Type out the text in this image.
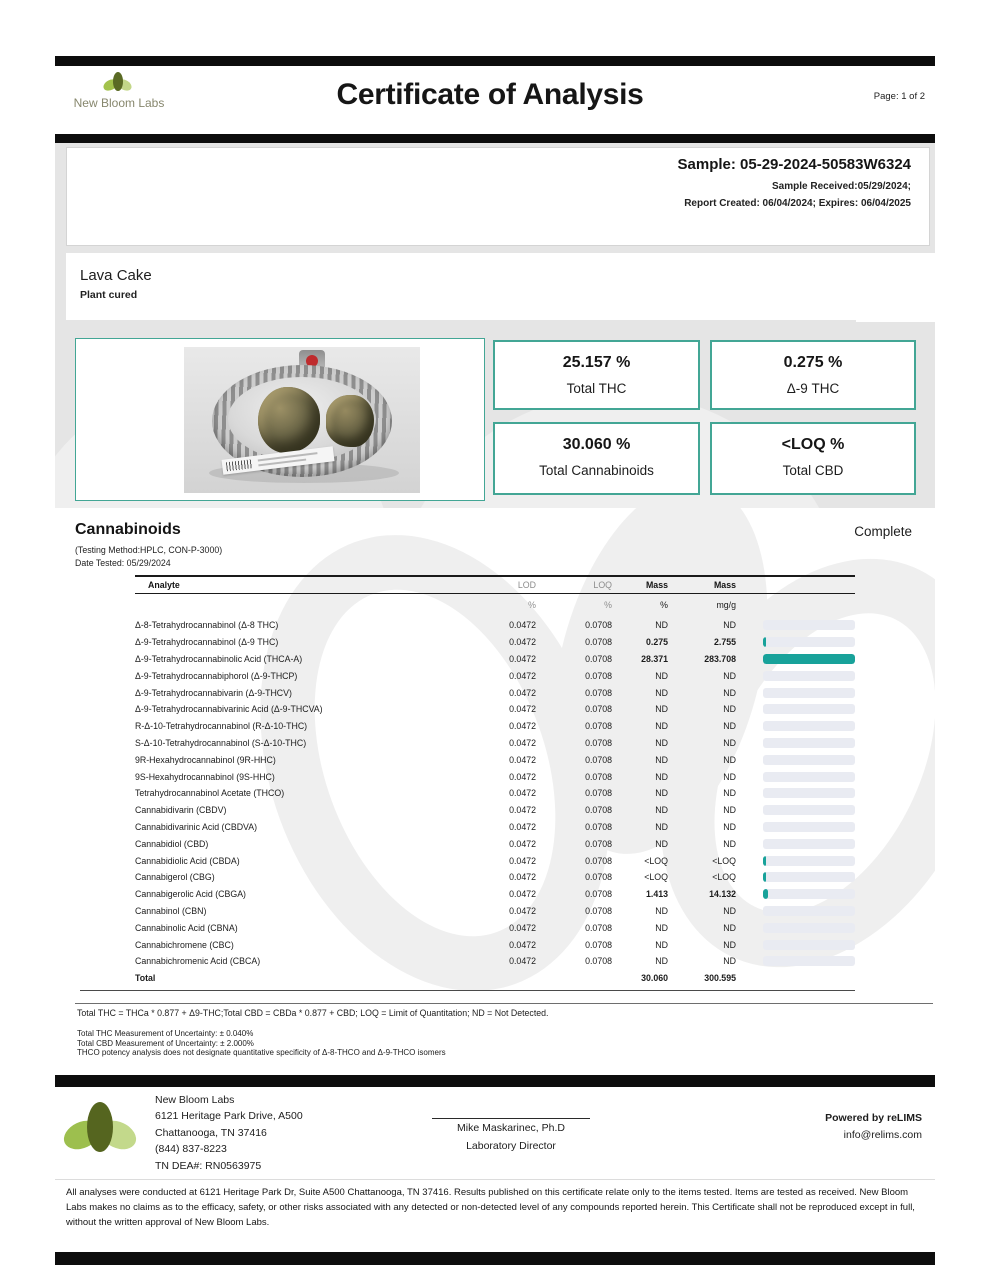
New Bloom Labs	Certificate of Analysis	Page: 1 of 2
Sample: 05-29-2024-50583W6324
Sample Received:05/29/2024;
Report Created: 06/04/2024; Expires: 06/04/2025
Lava Cake
Plant cured
25.157 %
Total THC
0.275 %
Δ-9 THC
30.060 %
Total Cannabinoids
<LOQ %
Total CBD
Cannabinoids	Complete
(Testing Method:HPLC, CON-P-3000)
Date Tested: 05/29/2024
Analyte	LOD	LOQ	Mass	Mass	
	%	%	%	mg/g	
Δ-8-Tetrahydrocannabinol (Δ-8 THC)	0.0472	0.0708	ND	ND	

Δ-9-Tetrahydrocannabinol (Δ-9 THC)	0.0472	0.0708	0.275	2.755	

Δ-9-Tetrahydrocannabinolic Acid (THCA-A)	0.0472	0.0708	28.371	283.708	

Δ-9-Tetrahydrocannabiphorol (Δ-9-THCP)	0.0472	0.0708	ND	ND	

Δ-9-Tetrahydrocannabivarin (Δ-9-THCV)	0.0472	0.0708	ND	ND	

Δ-9-Tetrahydrocannabivarinic Acid (Δ-9-THCVA)	0.0472	0.0708	ND	ND	

R-Δ-10-Tetrahydrocannabinol (R-Δ-10-THC)	0.0472	0.0708	ND	ND	

S-Δ-10-Tetrahydrocannabinol (S-Δ-10-THC)	0.0472	0.0708	ND	ND	

9R-Hexahydrocannabinol (9R-HHC)	0.0472	0.0708	ND	ND	

9S-Hexahydrocannabinol (9S-HHC)	0.0472	0.0708	ND	ND	

Tetrahydrocannabinol Acetate (THCO)	0.0472	0.0708	ND	ND	

Cannabidivarin (CBDV)	0.0472	0.0708	ND	ND	

Cannabidivarinic Acid (CBDVA)	0.0472	0.0708	ND	ND	

Cannabidiol (CBD)	0.0472	0.0708	ND	ND	

Cannabidiolic Acid (CBDA)	0.0472	0.0708	<LOQ	<LOQ	

Cannabigerol (CBG)	0.0472	0.0708	<LOQ	<LOQ	

Cannabigerolic Acid (CBGA)	0.0472	0.0708	1.413	14.132	

Cannabinol (CBN)	0.0472	0.0708	ND	ND	

Cannabinolic Acid (CBNA)	0.0472	0.0708	ND	ND	

Cannabichromene (CBC)	0.0472	0.0708	ND	ND	

Cannabichromenic Acid (CBCA)	0.0472	0.0708	ND	ND	

Total			30.060	300.595	
Total THC = THCa * 0.877 + Δ9-THC;Total CBD = CBDa * 0.877 + CBD; LOQ = Limit of Quantitation; ND = Not Detected.
Total THC Measurement of Uncertainty: ± 0.040%
Total CBD Measurement of Uncertainty: ± 2.000%
THCO potency analysis does not designate quantitative specificity of Δ-8-THCO and Δ-9-THCO isomers
New Bloom Labs
6121 Heritage Park Drive, A500
Chattanooga, TN 37416
(844) 837-8223
TN DEA#: RN0563975
Mike Maskarinec, Ph.D
Laboratory Director
Powered by reLIMS
info@relims.com
All analyses were conducted at 6121 Heritage Park Dr, Suite A500 Chattanooga, TN 37416. Results published on this certificate relate only to the items tested. Items are tested as received. New Bloom Labs makes no claims as to the efficacy, safety, or other risks associated with any detected or non-detected level of any compounds reported herein. This Certificate shall not be reproduced except in full, without the written approval of New Bloom Labs.
